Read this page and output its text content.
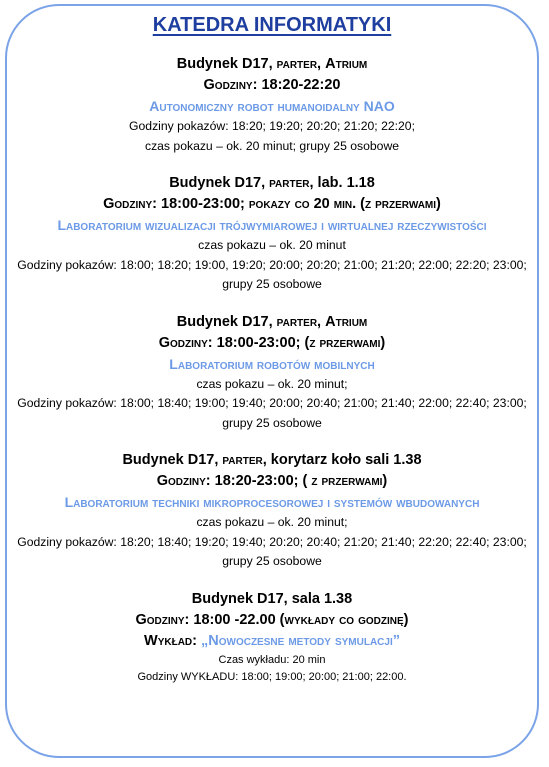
KATEDRA INFORMATYKI
Budynek D17, parter, Atrium
Godziny: 18:20-22:20
Autonomiczny robot humanoidalny NAO
Godziny pokazów: 18:20; 19:20; 20:20; 21:20; 22:20;
czas pokazu – ok. 20 minut; grupy 25 osobowe
Budynek D17, parter, lab. 1.18
Godziny: 18:00-23:00; pokazy co 20 min. (z przerwami)
Laboratorium wizualizacji trójwymiarowej i wirtualnej rzeczywistości
czas pokazu – ok. 20 minut
Godziny pokazów: 18:00; 18:20; 19:00, 19:20; 20:00; 20:20; 21:00; 21:20; 22:00; 22:20; 23:00; grupy 25 osobowe
Budynek D17, parter, Atrium
Godziny: 18:00-23:00; (z przerwami)
Laboratorium robotów mobilnych
czas pokazu – ok. 20 minut;
Godziny pokazów: 18:00; 18:40; 19:00; 19:40; 20:00; 20:40; 21:00; 21:40; 22:00; 22:40; 23:00; grupy 25 osobowe
Budynek D17, parter, korytarz koło sali 1.38
Godziny: 18:20-23:00; ( z przerwami)
Laboratorium techniki mikroprocesorowej i systemów wbudowanych
czas pokazu – ok. 20 minut;
Godziny pokazów: 18:20; 18:40; 19:20; 19:40; 20:20; 20:40; 21:20; 21:40; 22:20; 22:40; 23:00; grupy 25 osobowe
Budynek D17, sala 1.38
Godziny: 18:00 -22.00 (wykłady co godzinę)
Wykład: „Nowoczesne metody symulacji”
Czas wykładu: 20 min
Godziny WYKŁADU: 18:00; 19:00; 20:00; 21:00; 22:00.
